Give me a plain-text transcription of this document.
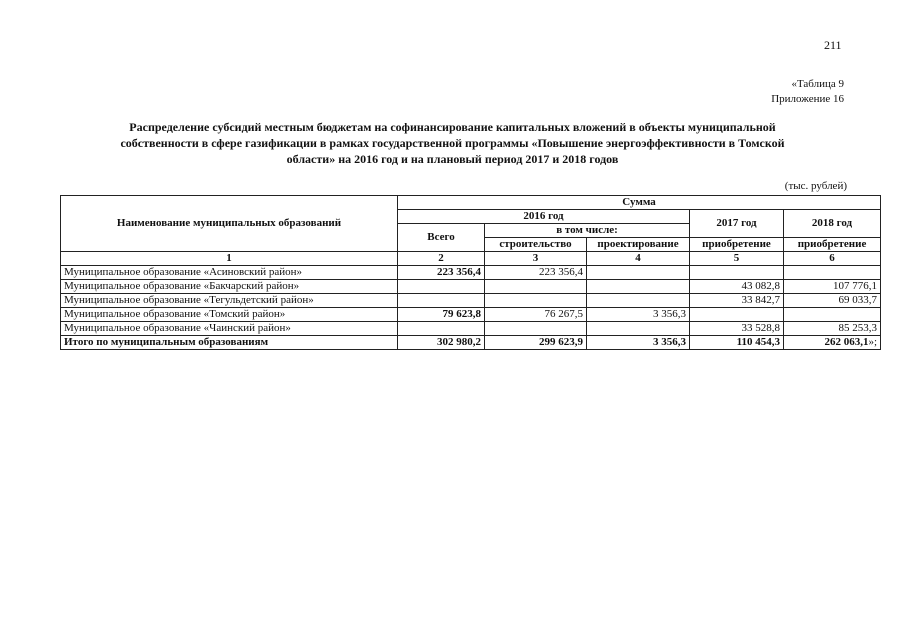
211
«Таблица 9
Приложение 16
Распределение субсидий местным бюджетам на софинансирование капитальных вложений в объекты муниципальной
собственности в сфере газификации в рамках государственной программы «Повышение энергоэффективности в Томской
области» на 2016 год и на плановый период 2017 и 2018 годов
(тыс. рублей)
Наименование муниципальных образований	Сумма				
	2016 год			2017 год	2018 год
	Всего	в том числе:			
		строительство	проектирование	приобретение	приобретение
1	2	3	4	5	6
Муниципальное образование «Асиновский район»	223 356,4	223 356,4			
Муниципальное образование «Бакчарский район»				43 082,8	107 776,1
Муниципальное образование «Тегульдетский район»				33 842,7	69 033,7
Муниципальное образование «Томский район»	79 623,8	76 267,5	3 356,3		
Муниципальное образование «Чаинский район»				33 528,8	85 253,3
Итого по муниципальным образованиям	302 980,2	299 623,9	3 356,3	110 454,3	262 063,1»;
